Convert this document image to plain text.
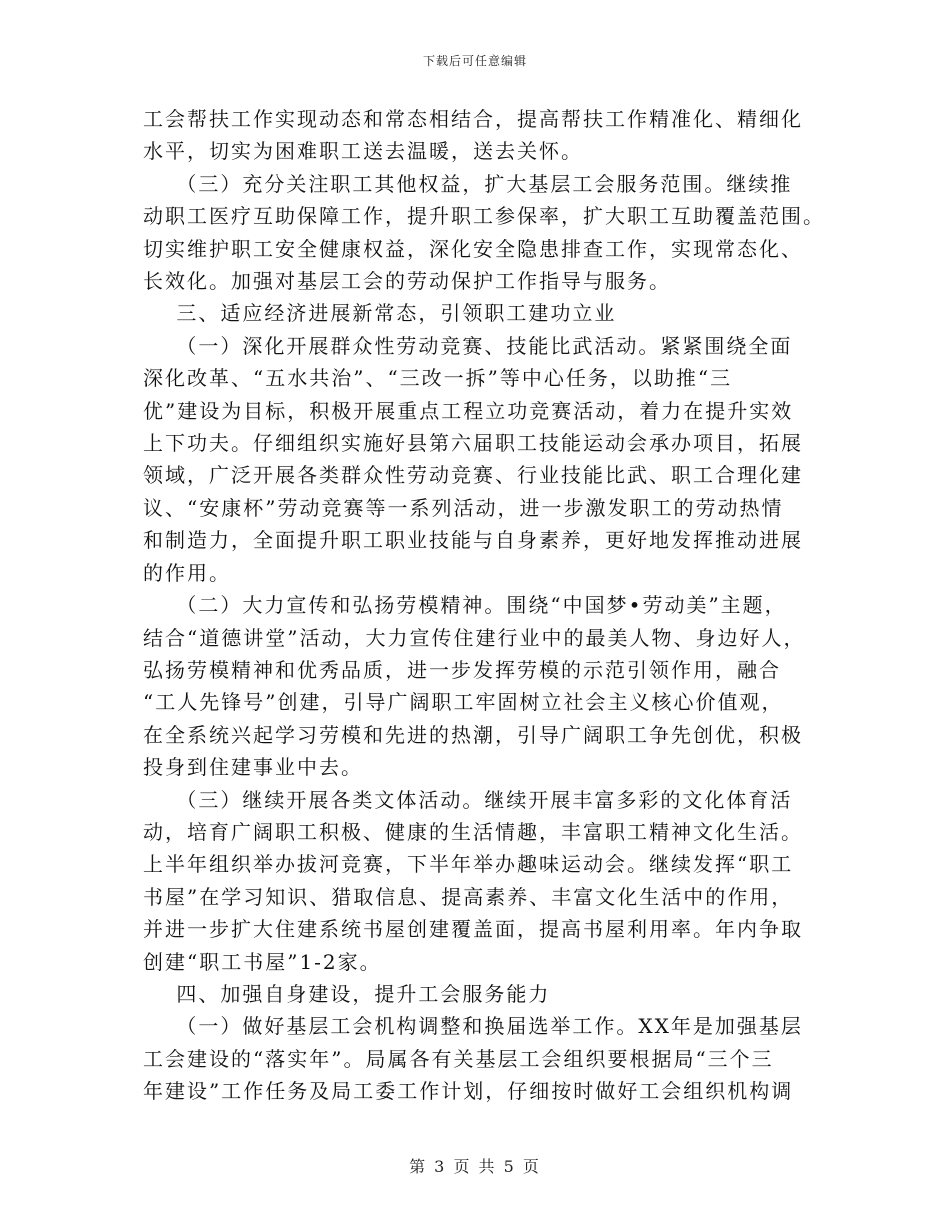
下载后可任意编辑

工会帮扶工作实现动态和常态相结合，提高帮扶工作精准化、精细化

水平，切实为困难职工送去温暖，送去关怀。

（三）充分关注职工其他权益，扩大基层工会服务范围。继续推

动职工医疗互助保障工作，提升职工参保率，扩大职工互助覆盖范围。

切实维护职工安全健康权益，深化安全隐患排查工作，实现常态化、

长效化。加强对基层工会的劳动保护工作指导与服务。

三、适应经济进展新常态，引领职工建功立业

（一）深化开展群众性劳动竞赛、技能比武活动。紧紧围绕全面

深化改革、“五水共治”、“三改一拆”等中心任务，以助推“三

优”建设为目标，积极开展重点工程立功竞赛活动，着力在提升实效

上下功夫。仔细组织实施好县第六届职工技能运动会承办项目，拓展

领域，广泛开展各类群众性劳动竞赛、行业技能比武、职工合理化建

议、“安康杯”劳动竞赛等一系列活动，进一步激发职工的劳动热情

和制造力，全面提升职工职业技能与自身素养，更好地发挥推动进展

的作用。

（二）大力宣传和弘扬劳模精神。围绕“中国梦•劳动美”主题，

结合“道德讲堂”活动，大力宣传住建行业中的最美人物、身边好人，

弘扬劳模精神和优秀品质，进一步发挥劳模的示范引领作用，融合

“工人先锋号”创建，引导广阔职工牢固树立社会主义核心价值观，

在全系统兴起学习劳模和先进的热潮，引导广阔职工争先创优，积极

投身到住建事业中去。

（三）继续开展各类文体活动。继续开展丰富多彩的文化体育活

动，培育广阔职工积极、健康的生活情趣，丰富职工精神文化生活。

上半年组织举办拔河竞赛，下半年举办趣味运动会。继续发挥“职工

书屋”在学习知识、猎取信息、提高素养、丰富文化生活中的作用，

并进一步扩大住建系统书屋创建覆盖面，提高书屋利用率。年内争取

创建“职工书屋”1-2家。

四、加强自身建设，提升工会服务能力

（一）做好基层工会机构调整和换届选举工作。XX年是加强基层

工会建设的“落实年”。局属各有关基层工会组织要根据局“三个三

年建设”工作任务及局工委工作计划，仔细按时做好工会组织机构调

第 3 页 共 5 页
